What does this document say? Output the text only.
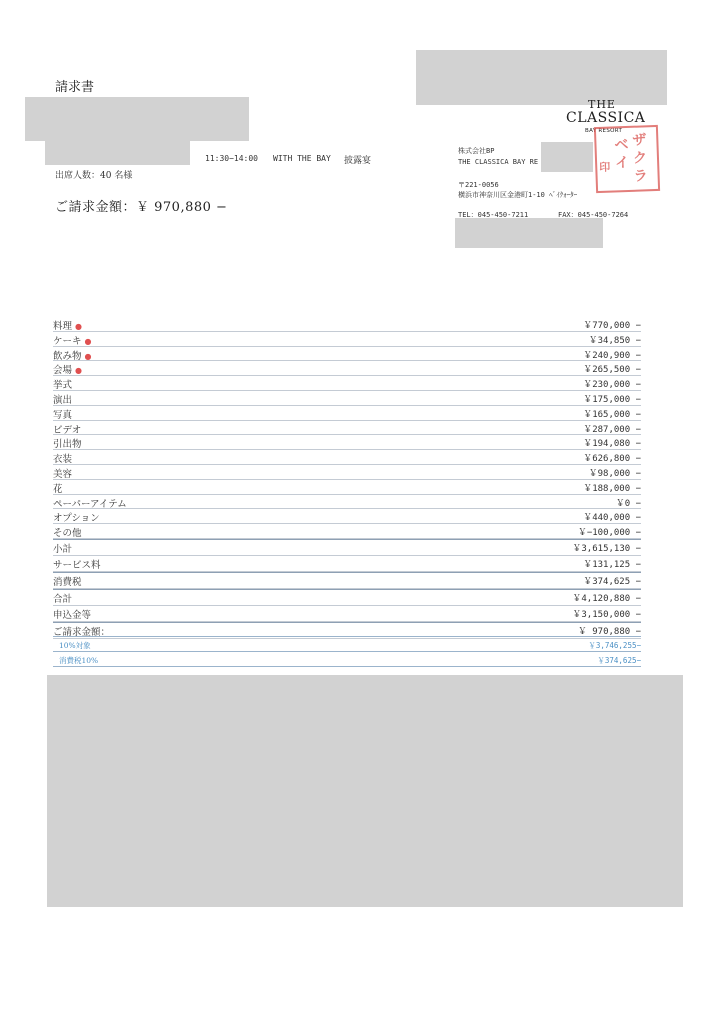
請求書
11:30−14:00 WITH THE BAY 披露宴
出席人数：40 名様
ご請求金額：￥ 970,880 −
THE
CLASSICA
BAY RESORT
ザ
ク
ラ
ベ
イ
印
株式会社BP
THE CLASSICA BAY RE
〒221-0056
横浜市神奈川区金港町1-10 ﾍﾞｲｸｫｰﾀｰ
TEL：045-450-7211	FAX：045-450-7264
料理 ●	￥770,000 −
ケーキ ●	￥34,850 −
飲み物 ●	￥240,900 −
会場 ●	￥265,500 −
挙式	￥230,000 −
演出	￥175,000 −
写真	￥165,000 −
ビデオ	￥287,000 −
引出物	￥194,080 −
衣装	￥626,800 −
美容	￥98,000 −
花	￥188,000 −
ペーパーアイテム	￥0 −
オプション	￥440,000 −
その他	￥−100,000 −
小計	￥3,615,130 −
サービス料	￥131,125 −
消費税	￥374,625 −
合計	￥4,120,880 −
申込金等	￥3,150,000 −
ご請求金額：	￥ 970,880 −
10%対象	￥3,746,255−
消費税10%	￥374,625−
